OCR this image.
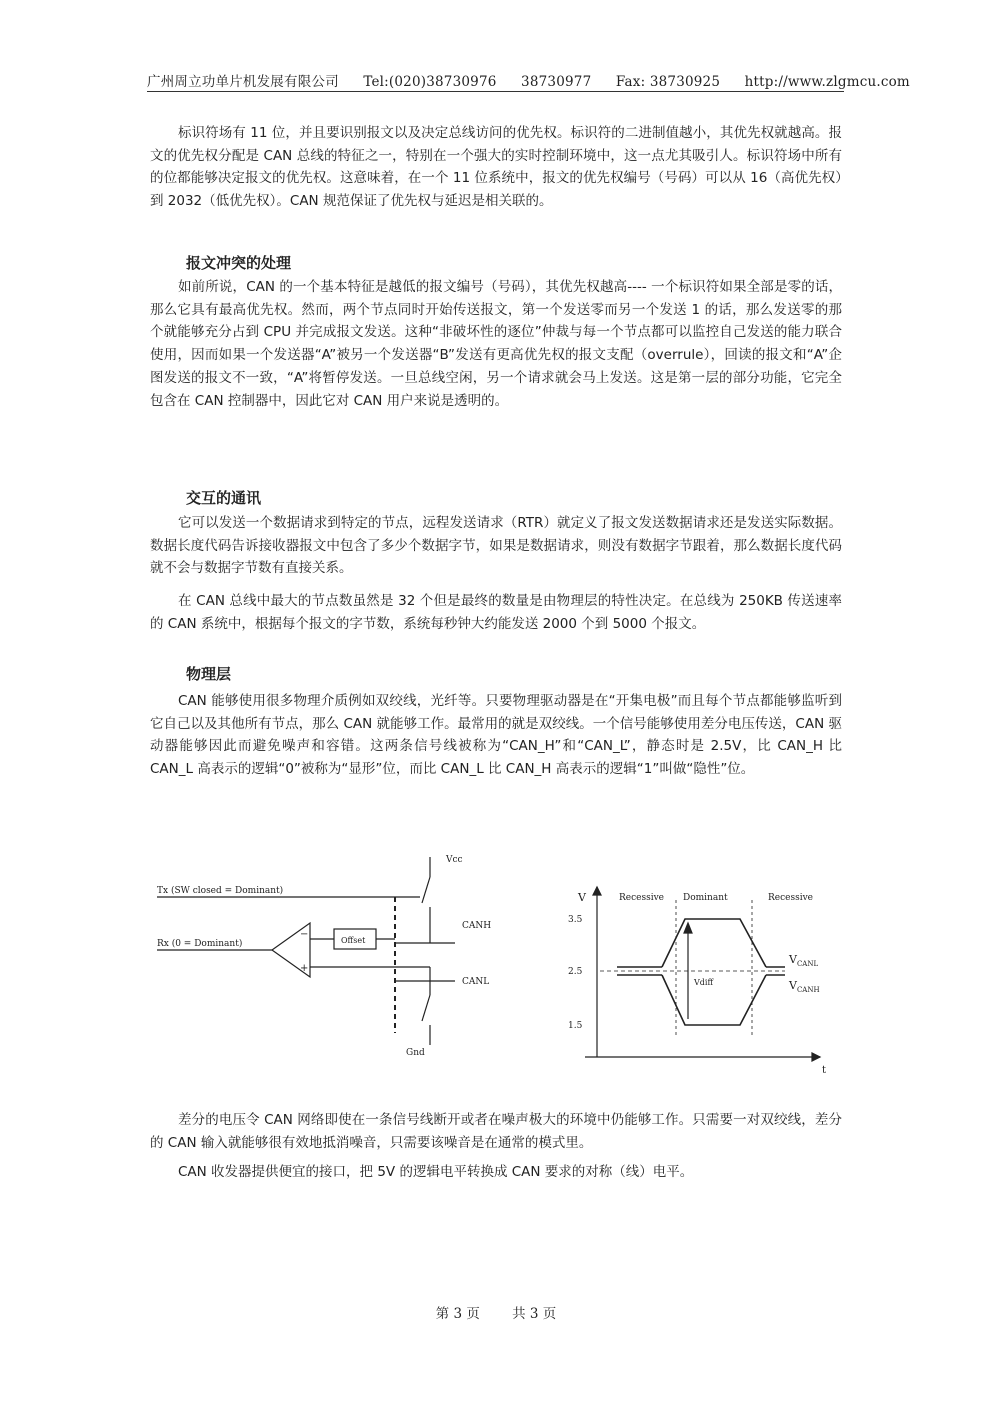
广州周立功单片机发展有限公司 Tel:(020)38730976 38730977 Fax: 38730925 http://www.zlgmcu.com

标识符场有 11 位，并且要识别报文以及决定总线访问的优先权。标识符的二进制值越小，其优先权就越高。报文的优先权分配是 CAN 总线的特征之一，特别在一个强大的实时控制环境中，这一点尤其吸引人。标识符场中所有的位都能够决定报文的优先权。这意味着，在一个 11 位系统中，报文的优先权编号（号码）可以从 16（高优先权）到 2032（低优先权）。CAN 规范保证了优先权与延迟是相关联的。

报文冲突的处理

如前所说，CAN 的一个基本特征是越低的报文编号（号码），其优先权越高---- 一个标识符如果全部是零的话，那么它具有最高优先权。然而，两个节点同时开始传送报文，第一个发送零而另一个发送 1 的话，那么发送零的那个就能够充分占到 CPU 并完成报文发送。这种“非破坏性的逐位”仲裁与每一个节点都可以监控自己发送的能力联合使用，因而如果一个发送器“A”被另一个发送器“B”发送有更高优先权的报文支配（overrule），回读的报文和“A”企图发送的报文不一致，“A”将暂停发送。一旦总线空闲，另一个请求就会马上发送。这是第一层的部分功能，它完全包含在 CAN 控制器中，因此它对 CAN 用户来说是透明的。

交互的通讯

它可以发送一个数据请求到特定的节点，远程发送请求（RTR）就定义了报文发送数据请求还是发送实际数据。数据长度代码告诉接收器报文中包含了多少个数据字节，如果是数据请求，则没有数据字节跟着，那么数据长度代码就不会与数据字节数有直接关系。

在 CAN 总线中最大的节点数虽然是 32 个但是最终的数量是由物理层的特性决定。在总线为 250KB 传送速率的 CAN 系统中，根据每个报文的字节数，系统每秒钟大约能发送 2000 个到 5000 个报文。

物理层

CAN 能够使用很多物理介质例如双绞线，光纤等。只要物理驱动器是在“开集电极”而且每个节点都能够监听到它自己以及其他所有节点，那么 CAN 就能够工作。最常用的就是双绞线。一个信号能够使用差分电压传送，CAN 驱动器能够因此而避免噪声和容错。这两条信号线被称为“CAN_H”和“CAN_L”，静态时是 2.5V，比 CAN_H 比 CAN_L 高表示的逻辑“0”被称为“显形”位，而比 CAN_L 比 CAN_H 高表示的逻辑“1”叫做“隐性”位。

Vcc
Tx (SW closed = Dominant)
Rx (0 = Dominant)	Offset
CANH
CANL
Gnd
−
+
V	Recessive Dominant	Recessive
3.5
2.5
1.5
Vdiff
$V_{CANL}$
$V_{CANH}$
t

差分的电压令 CAN 网络即使在一条信号线断开或者在噪声极大的环境中仍能够工作。只需要一对双绞线，差分的 CAN 输入就能够很有效地抵消噪音，只需要该噪音是在通常的模式里。

CAN 收发器提供便宜的接口，把 5V 的逻辑电平转换成 CAN 要求的对称（线）电平。

第 3 页 共 3 页
